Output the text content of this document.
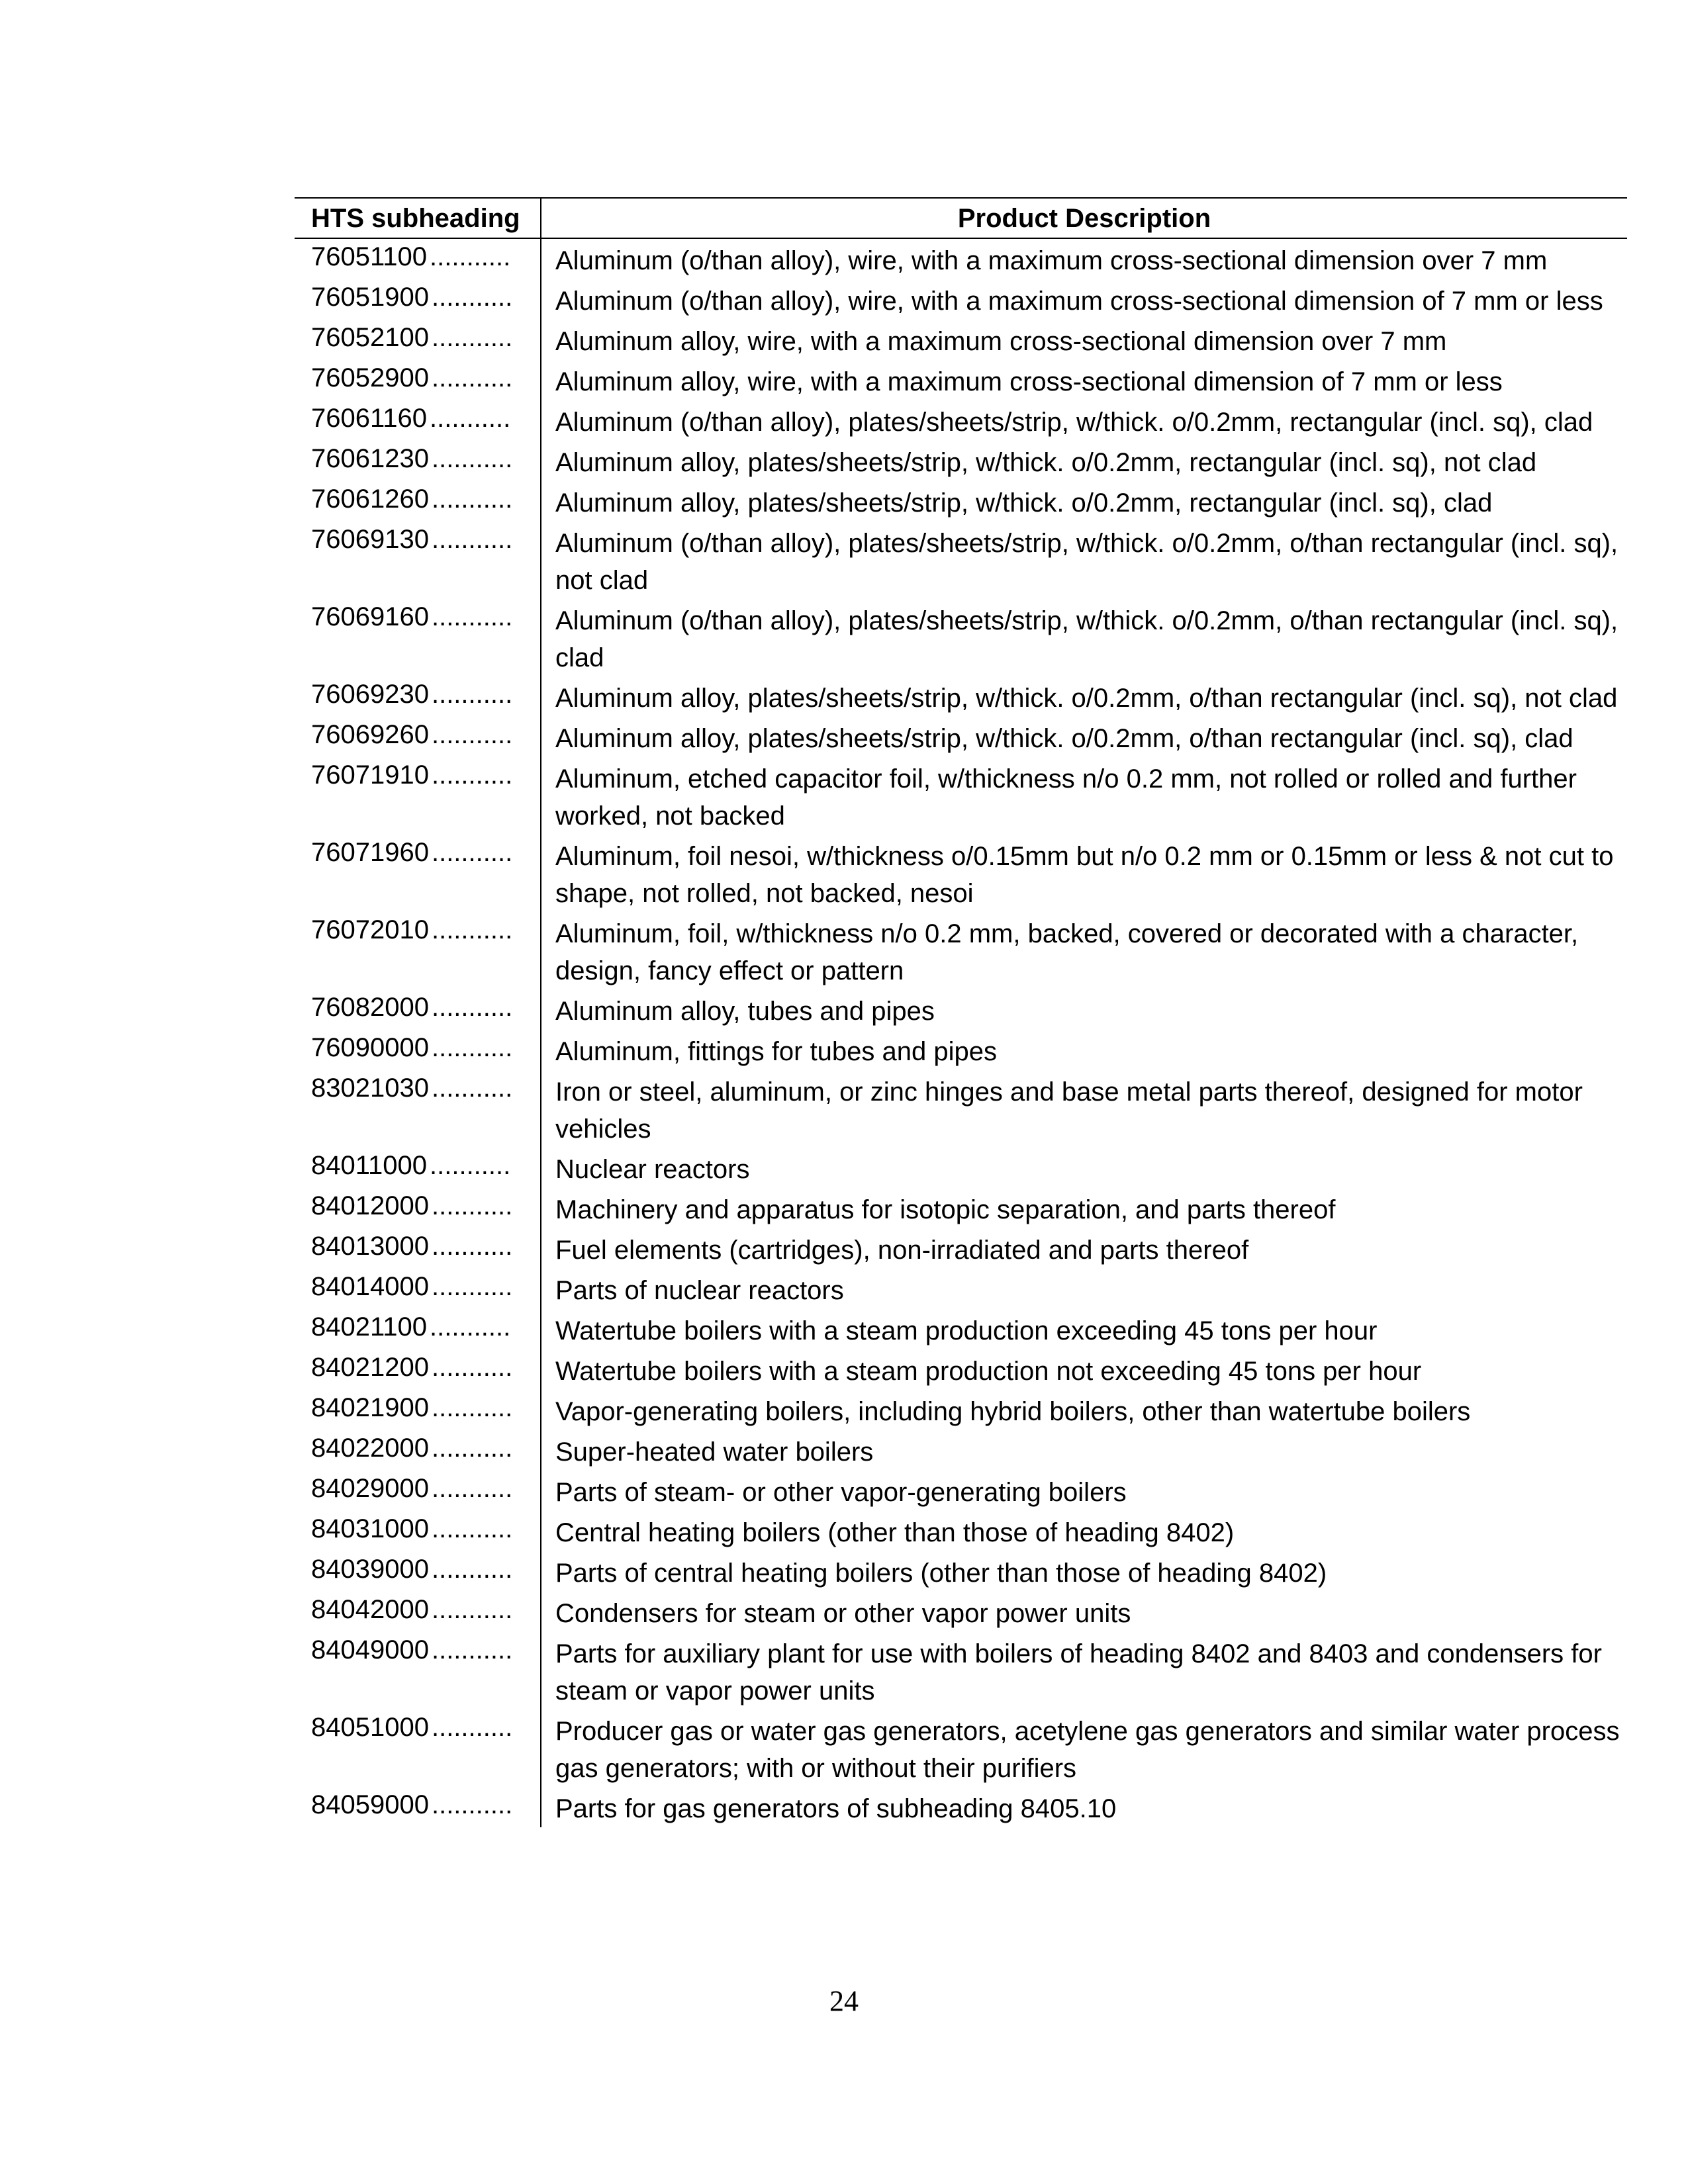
HTS subheading	Product Description
76051100 ...........	Aluminum (o/than alloy), wire, with a maximum cross-sectional dimension over 7 mm
76051900 ...........	Aluminum (o/than alloy), wire, with a maximum cross-sectional dimension of 7 mm or less
76052100 ...........	Aluminum alloy, wire, with a maximum cross-sectional dimension over 7 mm
76052900 ...........	Aluminum alloy, wire, with a maximum cross-sectional dimension of 7 mm or less
76061160 ...........	Aluminum (o/than alloy), plates/sheets/strip, w/thick. o/0.2mm, rectangular (incl. sq), clad
76061230 ...........	Aluminum alloy, plates/sheets/strip, w/thick. o/0.2mm, rectangular (incl. sq), not clad
76061260 ...........	Aluminum alloy, plates/sheets/strip, w/thick. o/0.2mm, rectangular (incl. sq), clad
76069130 ...........	Aluminum (o/than alloy), plates/sheets/strip, w/thick. o/0.2mm, o/than rectangular (incl. sq), not clad
76069160 ...........	Aluminum (o/than alloy), plates/sheets/strip, w/thick. o/0.2mm, o/than rectangular (incl. sq), clad
76069230 ...........	Aluminum alloy, plates/sheets/strip, w/thick. o/0.2mm, o/than rectangular (incl. sq), not clad
76069260 ...........	Aluminum alloy, plates/sheets/strip, w/thick. o/0.2mm, o/than rectangular (incl. sq), clad
76071910 ...........	Aluminum, etched capacitor foil, w/thickness n/o 0.2 mm, not rolled or rolled and further worked, not backed
76071960 ...........	Aluminum, foil nesoi, w/thickness o/0.15mm but n/o 0.2 mm or 0.15mm or less & not cut to shape, not rolled, not backed, nesoi
76072010 ...........	Aluminum, foil, w/thickness n/o 0.2 mm, backed, covered or decorated with a character, design, fancy effect or pattern
76082000 ...........	Aluminum alloy, tubes and pipes
76090000 ...........	Aluminum, fittings for tubes and pipes
83021030 ...........	Iron or steel, aluminum, or zinc hinges and base metal parts thereof, designed for motor vehicles
84011000 ...........	Nuclear reactors
84012000 ...........	Machinery and apparatus for isotopic separation, and parts thereof
84013000 ...........	Fuel elements (cartridges), non-irradiated and parts thereof
84014000 ...........	Parts of nuclear reactors
84021100 ...........	Watertube boilers with a steam production exceeding 45 tons per hour
84021200 ...........	Watertube boilers with a steam production not exceeding 45 tons per hour
84021900 ...........	Vapor-generating boilers, including hybrid boilers, other than watertube boilers
84022000 ...........	Super-heated water boilers
84029000 ...........	Parts of steam- or other vapor-generating boilers
84031000 ...........	Central heating boilers (other than those of heading 8402)
84039000 ...........	Parts of central heating boilers (other than those of heading 8402)
84042000 ...........	Condensers for steam or other vapor power units
84049000 ...........	Parts for auxiliary plant for use with boilers of heading 8402 and 8403 and condensers for steam or vapor power units
84051000 ...........	Producer gas or water gas generators, acetylene gas generators and similar water process gas generators; with or without their purifiers
84059000 ...........	Parts for gas generators of subheading 8405.10
24
